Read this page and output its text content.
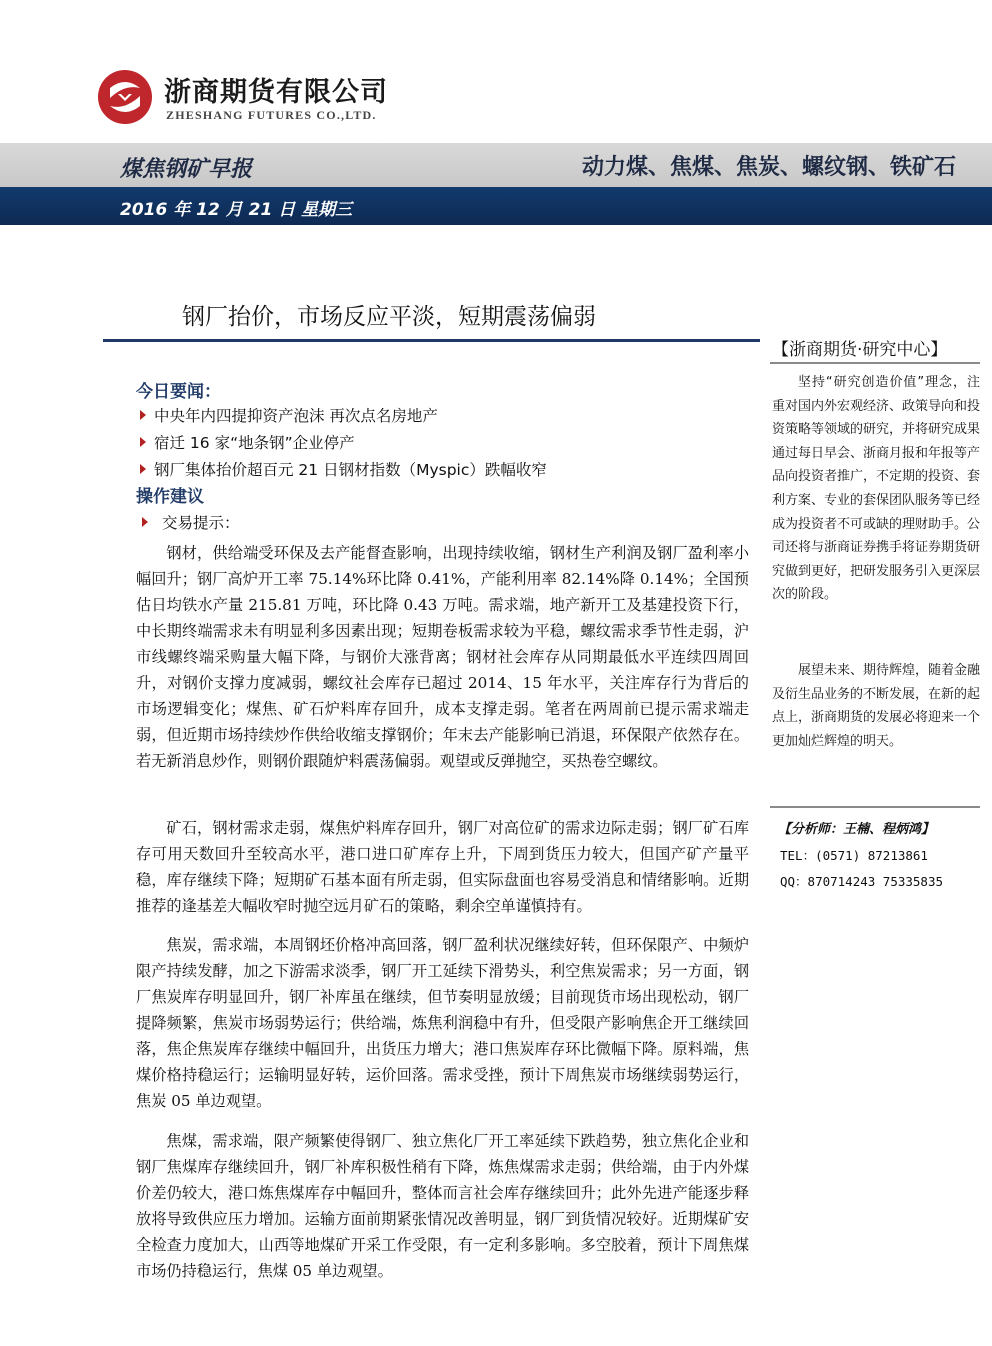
浙商期货有限公司
ZHESHANG FUTURES CO.,LTD.
煤焦钢矿早报	动力煤、焦煤、焦炭、螺纹钢、铁矿石
2016 年 12 月 21 日 星期三
钢厂抬价，市场反应平淡，短期震荡偏弱
【浙商期货·研究中心】
坚持“研究创造价值”理念，注重对国内外宏观经济、政策导向和投资策略等领域的研究，并将研究成果通过每日早会、浙商月报和年报等产品向投资者推广，不定期的投资、套利方案、专业的套保团队服务等已经成为投资者不可或缺的理财助手。公司还将与浙商证券携手将证券期货研究做到更好，把研发服务引入更深层次的阶段。
展望未来、期待辉煌，随着金融及衍生品业务的不断发展，在新的起点上，浙商期货的发展必将迎来一个更加灿烂辉煌的明天。
【分析师：王楠、程炳鸿】
TEL：(0571) 87213861
QQ：870714243 75335835
今日要闻：
中央年内四提抑资产泡沫 再次点名房地产
宿迁 16 家“地条钢”企业停产
钢厂集体抬价超百元 21 日钢材指数（Myspic）跌幅收窄
操作建议
交易提示：

钢材，供给端受环保及去产能督查影响，出现持续收缩，钢材生产利润及钢厂盈利率小幅回升；钢厂高炉开工率 75.14%环比降 0.41%，产能利用率 82.14%降 0.14%；全国预估日均铁水产量 215.81 万吨，环比降 0.43 万吨。需求端，地产新开工及基建投资下行，中长期终端需求未有明显利多因素出现；短期卷板需求较为平稳，螺纹需求季节性走弱，沪市线螺终端采购量大幅下降，与钢价大涨背离；钢材社会库存从同期最低水平连续四周回升，对钢价支撑力度减弱，螺纹社会库存已超过 2014、15 年水平，关注库存行为背后的市场逻辑变化；煤焦、矿石炉料库存回升，成本支撑走弱。笔者在两周前已提示需求端走弱，但近期市场持续炒作供给收缩支撑钢价；年末去产能影响已消退，环保限产依然存在。若无新消息炒作，则钢价跟随炉料震荡偏弱。观望或反弹抛空，买热卷空螺纹。

矿石，钢材需求走弱，煤焦炉料库存回升，钢厂对高位矿的需求边际走弱；钢厂矿石库存可用天数回升至较高水平，港口进口矿库存上升，下周到货压力较大，但国产矿产量平稳，库存继续下降；短期矿石基本面有所走弱，但实际盘面也容易受消息和情绪影响。近期推荐的逢基差大幅收窄时抛空远月矿石的策略，剩余空单谨慎持有。

焦炭，需求端，本周钢坯价格冲高回落，钢厂盈利状况继续好转，但环保限产、中频炉限产持续发酵，加之下游需求淡季，钢厂开工延续下滑势头，利空焦炭需求；另一方面，钢厂焦炭库存明显回升，钢厂补库虽在继续，但节奏明显放缓；目前现货市场出现松动，钢厂提降频繁，焦炭市场弱势运行；供给端，炼焦利润稳中有升，但受限产影响焦企开工继续回落，焦企焦炭库存继续中幅回升，出货压力增大；港口焦炭库存环比微幅下降。原料端，焦煤价格持稳运行；运输明显好转，运价回落。需求受挫，预计下周焦炭市场继续弱势运行，焦炭 05 单边观望。

焦煤，需求端，限产频繁使得钢厂、独立焦化厂开工率延续下跌趋势，独立焦化企业和钢厂焦煤库存继续回升，钢厂补库积极性稍有下降，炼焦煤需求走弱；供给端，由于内外煤价差仍较大，港口炼焦煤库存中幅回升，整体而言社会库存继续回升；此外先进产能逐步释放将导致供应压力增加。运输方面前期紧张情况改善明显，钢厂到货情况较好。近期煤矿安全检查力度加大，山西等地煤矿开采工作受限，有一定利多影响。多空胶着，预计下周焦煤市场仍持稳运行，焦煤 05 单边观望。
